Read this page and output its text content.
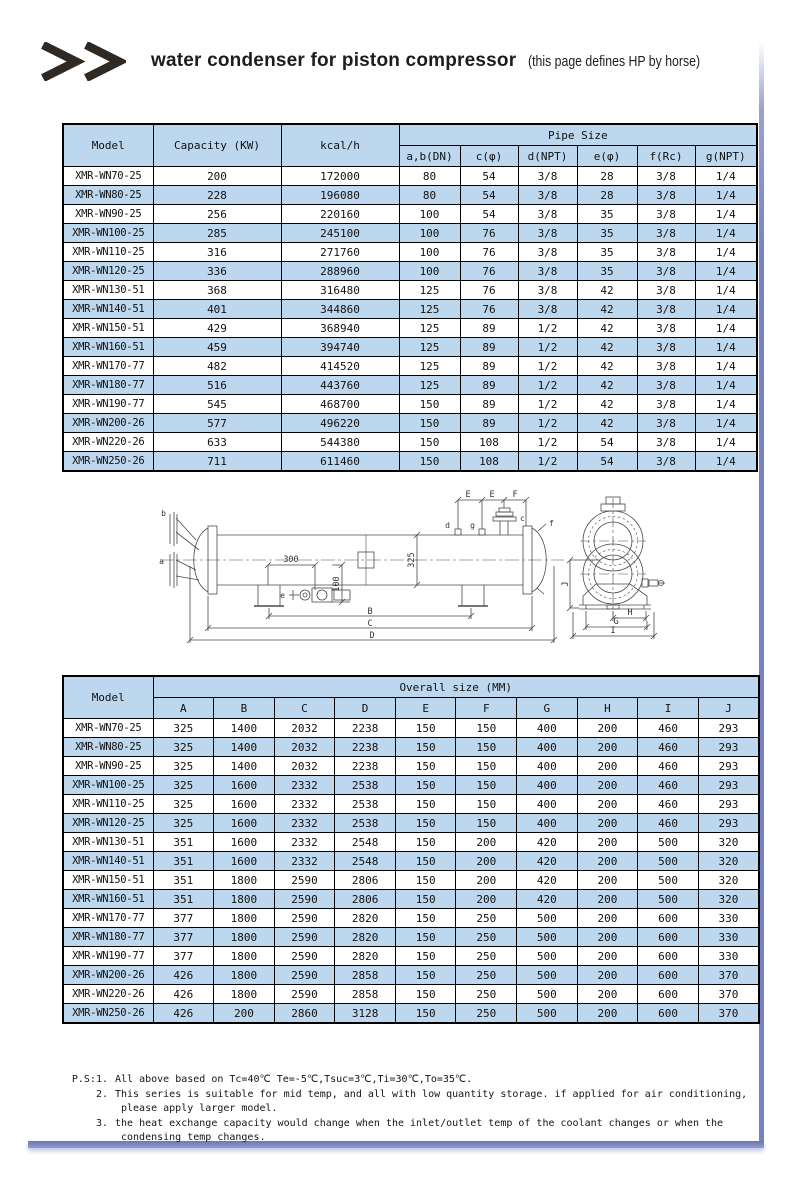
water condenser for piston compressor (this page defines HP by horse)
Model	Capacity (KW)	kcal/h	Pipe Size					
			a,b(DN)	c(φ)	d(NPT)	e(φ)	f(Rc)	g(NPT)
XMR-WN70-25	200	172000	80	54	3/8	28	3/8	1/4
XMR-WN80-25	228	196080	80	54	3/8	28	3/8	1/4
XMR-WN90-25	256	220160	100	54	3/8	35	3/8	1/4
XMR-WN100-25	285	245100	100	76	3/8	35	3/8	1/4
XMR-WN110-25	316	271760	100	76	3/8	35	3/8	1/4
XMR-WN120-25	336	288960	100	76	3/8	35	3/8	1/4
XMR-WN130-51	368	316480	125	76	3/8	42	3/8	1/4
XMR-WN140-51	401	344860	125	76	3/8	42	3/8	1/4
XMR-WN150-51	429	368940	125	89	1/2	42	3/8	1/4
XMR-WN160-51	459	394740	125	89	1/2	42	3/8	1/4
XMR-WN170-77	482	414520	125	89	1/2	42	3/8	1/4
XMR-WN180-77	516	443760	125	89	1/2	42	3/8	1/4
XMR-WN190-77	545	468700	150	89	1/2	42	3/8	1/4
XMR-WN200-26	577	496220	150	89	1/2	42	3/8	1/4
XMR-WN220-26	633	544380	150	108	1/2	54	3/8	1/4
XMR-WN250-26	711	611460	150	108	1/2	54	3/8	1/4
E E F
b
a
d	g
c
f
e
300
100
325
B
C
D
J
H
G
I
Model	Overall size (MM)									
	A	B	C	D	E	F	G	H	I	J
XMR-WN70-25	325	1400	2032	2238	150	150	400	200	460	293
XMR-WN80-25	325	1400	2032	2238	150	150	400	200	460	293
XMR-WN90-25	325	1400	2032	2238	150	150	400	200	460	293
XMR-WN100-25	325	1600	2332	2538	150	150	400	200	460	293
XMR-WN110-25	325	1600	2332	2538	150	150	400	200	460	293
XMR-WN120-25	325	1600	2332	2538	150	150	400	200	460	293
XMR-WN130-51	351	1600	2332	2548	150	200	420	200	500	320
XMR-WN140-51	351	1600	2332	2548	150	200	420	200	500	320
XMR-WN150-51	351	1800	2590	2806	150	200	420	200	500	320
XMR-WN160-51	351	1800	2590	2806	150	200	420	200	500	320
XMR-WN170-77	377	1800	2590	2820	150	250	500	200	600	330
XMR-WN180-77	377	1800	2590	2820	150	250	500	200	600	330
XMR-WN190-77	377	1800	2590	2820	150	250	500	200	600	330
XMR-WN200-26	426	1800	2590	2858	150	250	500	200	600	370
XMR-WN220-26	426	1800	2590	2858	150	250	500	200	600	370
XMR-WN250-26	426	200	2860	3128	150	250	500	200	600	370
P.S:1. All above based on Tc=40℃ Te=-5℃,Tsuc=3℃,Ti=30℃,To=35℃.
2. This series is suitable for mid temp, and all with low quantity storage. if applied for air conditioning,
please apply larger model.
3. the heat exchange capacity would change when the inlet/outlet temp of the coolant changes or when the
condensing temp changes.
